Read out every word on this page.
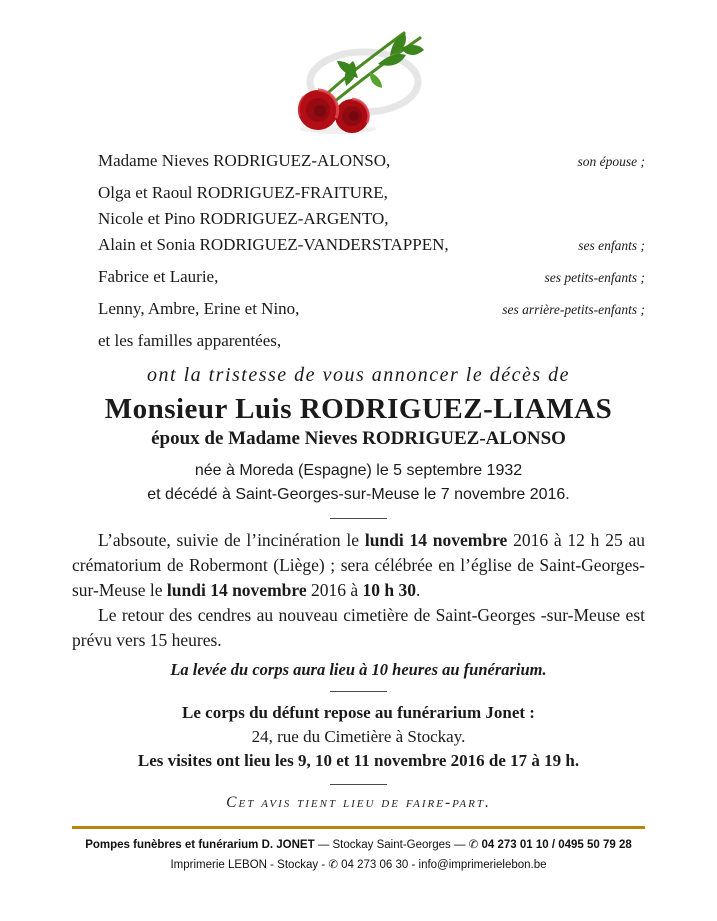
Madame Nieves RODRIGUEZ-ALONSO,	son épouse ;
Olga et Raoul RODRIGUEZ-FRAITURE,
Nicole et Pino RODRIGUEZ-ARGENTO,
Alain et Sonia RODRIGUEZ-VANDERSTAPPEN,	ses enfants ;
Fabrice et Laurie,	ses petits-enfants ;
Lenny, Ambre, Erine et Nino,	ses arrière-petits-enfants ;
et les familles apparentées,

ont la tristesse de vous annoncer le décès de

Monsieur Luis RODRIGUEZ-LIAMAS
époux de Madame Nieves RODRIGUEZ-ALONSO

née à Moreda (Espagne) le 5 septembre 1932

et décédé à Saint-Georges-sur-Meuse le 7 novembre 2016.

L’absoute, suivie de l’incinération le lundi 14 novembre 2016 à 12 h 25 au crématorium de Robermont (Liège) ; sera célébrée en l’église de Saint-Georges-sur-Meuse le lundi 14 novembre 2016 à 10 h 30.

Le retour des cendres au nouveau cimetière de Saint-Georges -sur-Meuse est prévu vers 15 heures.

La levée du corps aura lieu à 10 heures au funérarium.

Le corps du défunt repose au funérarium Jonet :

24, rue du Cimetière à Stockay.

Les visites ont lieu les 9, 10 et 11 novembre 2016 de 17 à 19 h.

Cet avis tient lieu de faire-part.

Pompes funèbres et funérarium D. JONET — Stockay Saint-Georges — ✆ 04 273 01 10 / 0495 50 79 28

Imprimerie LEBON - Stockay - ✆ 04 273 06 30 - info@imprimerielebon.be
